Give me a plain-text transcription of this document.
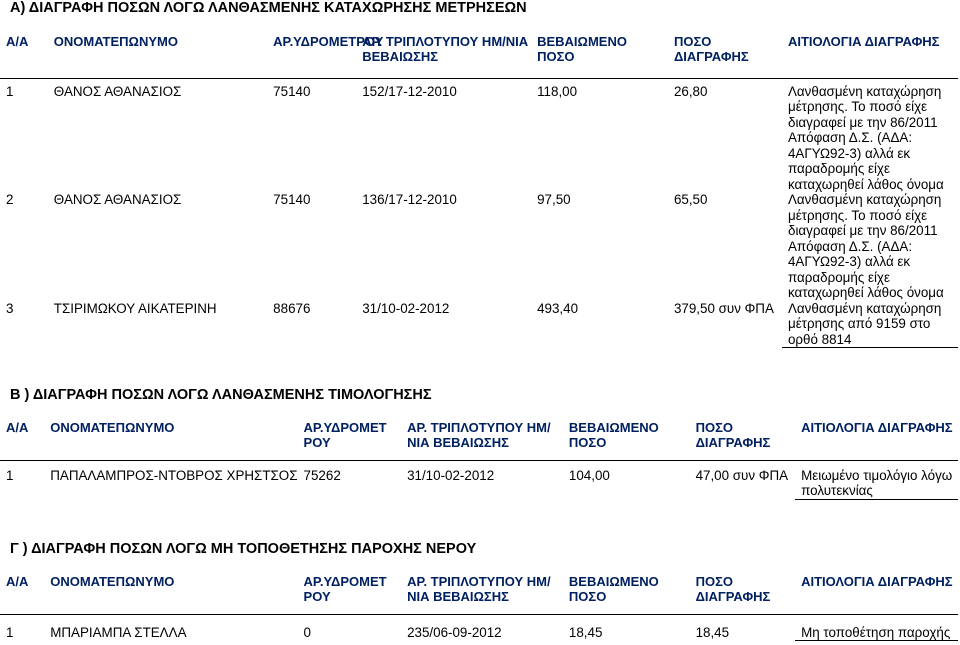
Α) ΔΙΑΓΡΑΦΗ ΠΟΣΩΝ ΛΟΓΩ ΛΑΝΘΑΣΜΕΝΗΣ ΚΑΤΑΧΩΡΗΣΗΣ ΜΕΤΡΗΣΕΩΝ
Α/Α	ΟΝΟΜΑΤΕΠΩΝΥΜΟ	ΑΡ.ΥΔΡΟΜΕΤΡΟΥ	ΑΡ. ΤΡΙΠΛΟΤΥΠΟΥ ΗΜ/ΝΙΑ ΒΕΒΑΙΩΣΗΣ	ΒΕΒΑΙΩΜΕΝΟ ΠΟΣΟ	ΠΟΣΟ ΔΙΑΓΡΑΦΗΣ	ΑΙΤΙΟΛΟΓΙΑ ΔΙΑΓΡΑΦΗΣ
1	ΘΑΝΟΣ ΑΘΑΝΑΣΙΟΣ	75140	152/17-12-2010	118,00	26,80	Λανθασμένη καταχώρηση μέτρησης. Το ποσό είχε διαγραφεί με την 86/2011 Απόφαση Δ.Σ. (ΑΔΑ: 4ΑΓΥΩ92-3) αλλά εκ παραδρομής είχε καταχωρηθεί λάθος όνομα
2	ΘΑΝΟΣ ΑΘΑΝΑΣΙΟΣ	75140	136/17-12-2010	97,50	65,50	Λανθασμένη καταχώρηση μέτρησης. Το ποσό είχε διαγραφεί με την 86/2011 Απόφαση Δ.Σ. (ΑΔΑ: 4ΑΓΥΩ92-3) αλλά εκ παραδρομής είχε καταχωρηθεί λάθος όνομα
3	ΤΣΙΡΙΜΩΚΟΥ ΑΙΚΑΤΕΡΙΝΗ	88676	31/10-02-2012	493,40	379,50 συν ΦΠΑ	Λανθασμένη καταχώρηση μέτρησης από 9159 στο ορθό 8814
Β ) ΔΙΑΓΡΑΦΗ ΠΟΣΩΝ ΛΟΓΩ ΛΑΝΘΑΣΜΕΝΗΣ ΤΙΜΟΛΟΓΗΣΗΣ
Α/Α	ΟΝΟΜΑΤΕΠΩΝΥΜΟ	ΑΡ.ΥΔΡΟΜΕΤ ΡΟΥ	ΑΡ. ΤΡΙΠΛΟΤΥΠΟΥ ΗΜ/ΝΙΑ ΒΕΒΑΙΩΣΗΣ	ΒΕΒΑΙΩΜΕΝΟ ΠΟΣΟ	ΠΟΣΟ ΔΙΑΓΡΑΦΗΣ	ΑΙΤΙΟΛΟΓΙΑ ΔΙΑΓΡΑΦΗΣ
1	ΠΑΠΑΛΑΜΠΡΟΣ-ΝΤΟΒΡΟΣ ΧΡΗΣΤΣΟΣ	75262	31/10-02-2012	104,00	47,00 συν ΦΠΑ	Μειωμένο τιμολόγιο λόγω πολυτεκνίας
Γ ) ΔΙΑΓΡΑΦΗ ΠΟΣΩΝ ΛΟΓΩ ΜΗ ΤΟΠΟΘΕΤΗΣΗΣ ΠΑΡΟΧΗΣ ΝΕΡΟΥ
Α/Α	ΟΝΟΜΑΤΕΠΩΝΥΜΟ	ΑΡ.ΥΔΡΟΜΕΤ ΡΟΥ	ΑΡ. ΤΡΙΠΛΟΤΥΠΟΥ ΗΜ/ΝΙΑ ΒΕΒΑΙΩΣΗΣ	ΒΕΒΑΙΩΜΕΝΟ ΠΟΣΟ	ΠΟΣΟ ΔΙΑΓΡΑΦΗΣ	ΑΙΤΙΟΛΟΓΙΑ ΔΙΑΓΡΑΦΗΣ
1	ΜΠΑΡΙΑΜΠΑ ΣΤΕΛΛΑ	0	235/06-09-2012	18,45	18,45	Μη τοποθέτηση παροχής
